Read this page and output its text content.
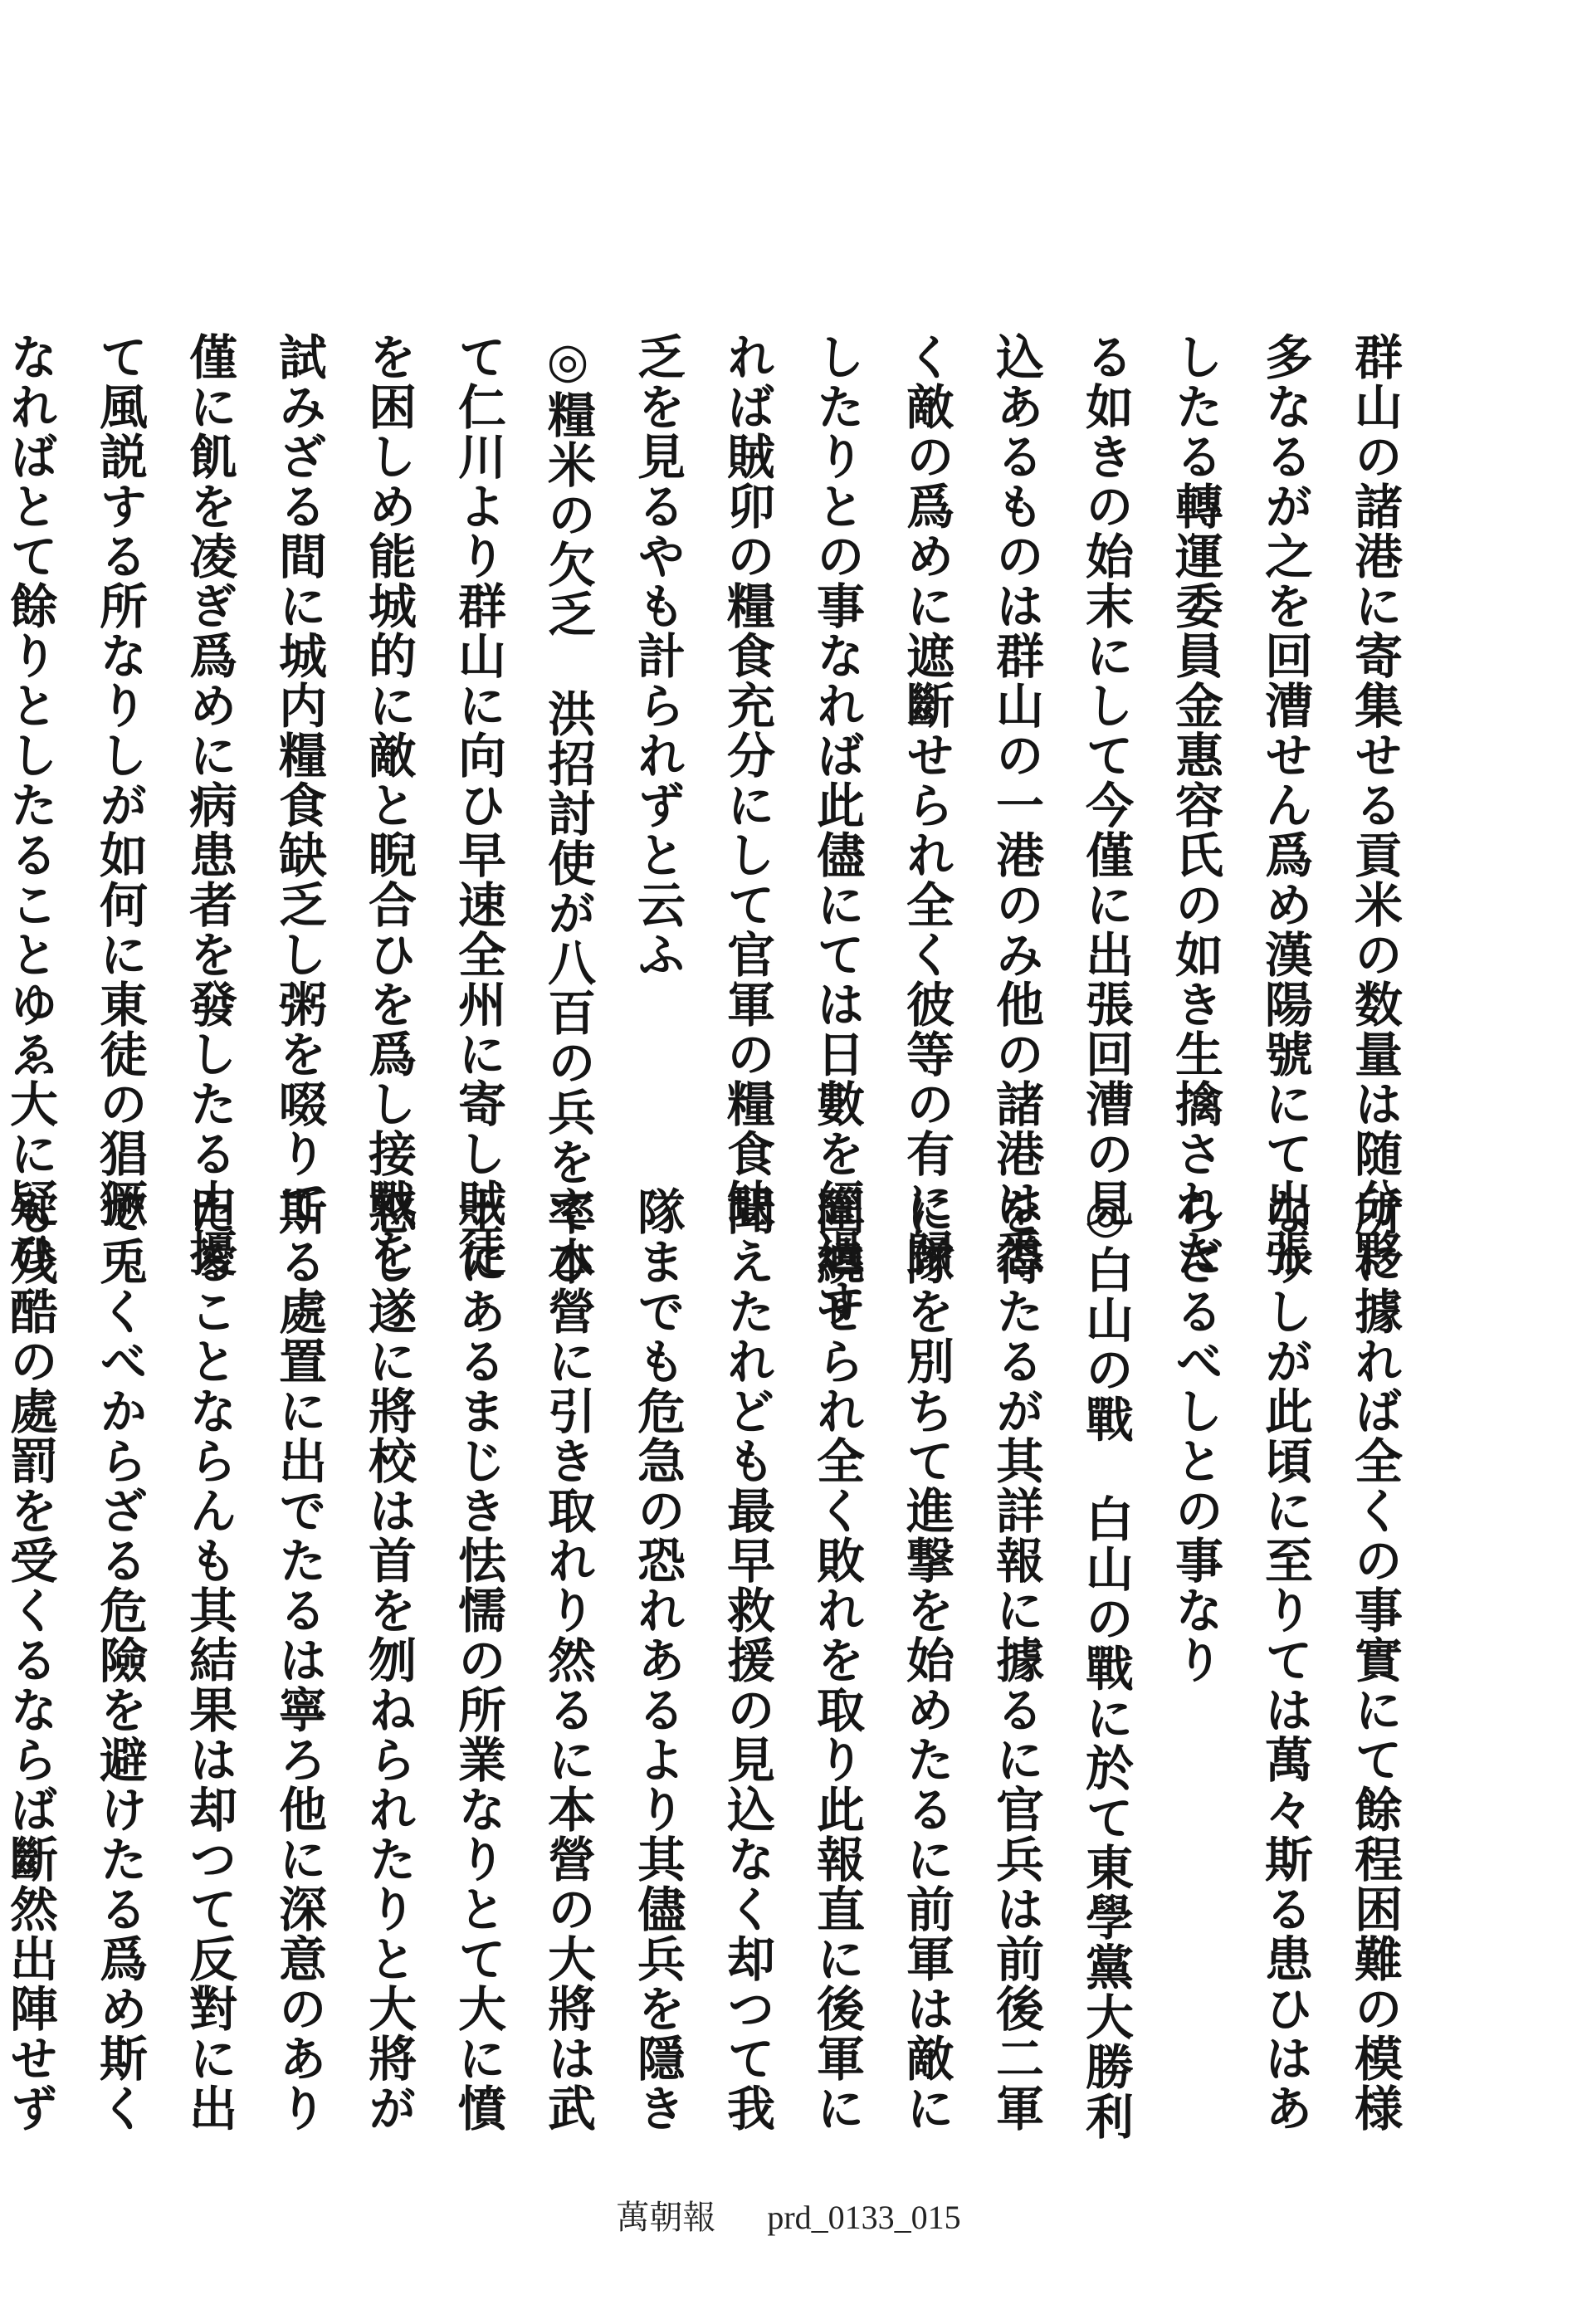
群山の諸港に寄集せる貢米の数量は随分夥
多なるが之を回漕せん爲め漢陽號にて出張
したる轉運委員金惠容氏の如き生擒された
る如きの始末にして今僅に出張回漕の見
込あるものは群山の一港のみ他の諸港は悉
く敵の爲めに遮斷せられ全く彼等の有に歸
したりとの事なれば此儘にては日數を經過す
れば賊卯の糧食充分にして官軍の糧食缺
乏を見るやも計られずと云ふ
◎糧米の欠乏　洪招討使が八百の兵を率ひ
て仁川より群山に向ひ早速全州に寄し賊徒
を困しめ能城的に敵と睨合ひを爲し接戰を
試みざる間に城内糧食缺乏し粥を啜りて
僅に飢を凌ぎ爲めに病患者を發したる由擾
て風説する所なりしが如何に東徒の猖獗
なればとて餘りとしたることゆゑ大に疑ひ
所に據れば全くの事實にて餘程困難の模様
なりしが此頃に至りては萬々斯る患ひはあ
らざるべしとの事なり
◎白山の戰　白山の戰に於て東學黨大勝利
を得たるが其詳報に據るに官兵は前後二軍
に隊を別ちて進撃を始めたるに前軍は敵に
圍繞せられ全く敗れを取り此報直に後軍に
聞えたれども最早救援の見込なく却つて我
隊までも危急の恐れあるより其儘兵を隱き
て本營に引き取れり然るに本營の大將は武
士にあるまじき怯懦の所業なりとて大に憤
怒し遂に將校は首を刎ねられたりと大將が
斯る處置に出でたるは寧ろ他に深意のあり
たることならんも其結果は却つて反對に出
で兎くべからざる危險を避けたる爲め斯く
も残酷の處罰を受くるならば斷然出陣せず
萬朝報 prd_0133_015
